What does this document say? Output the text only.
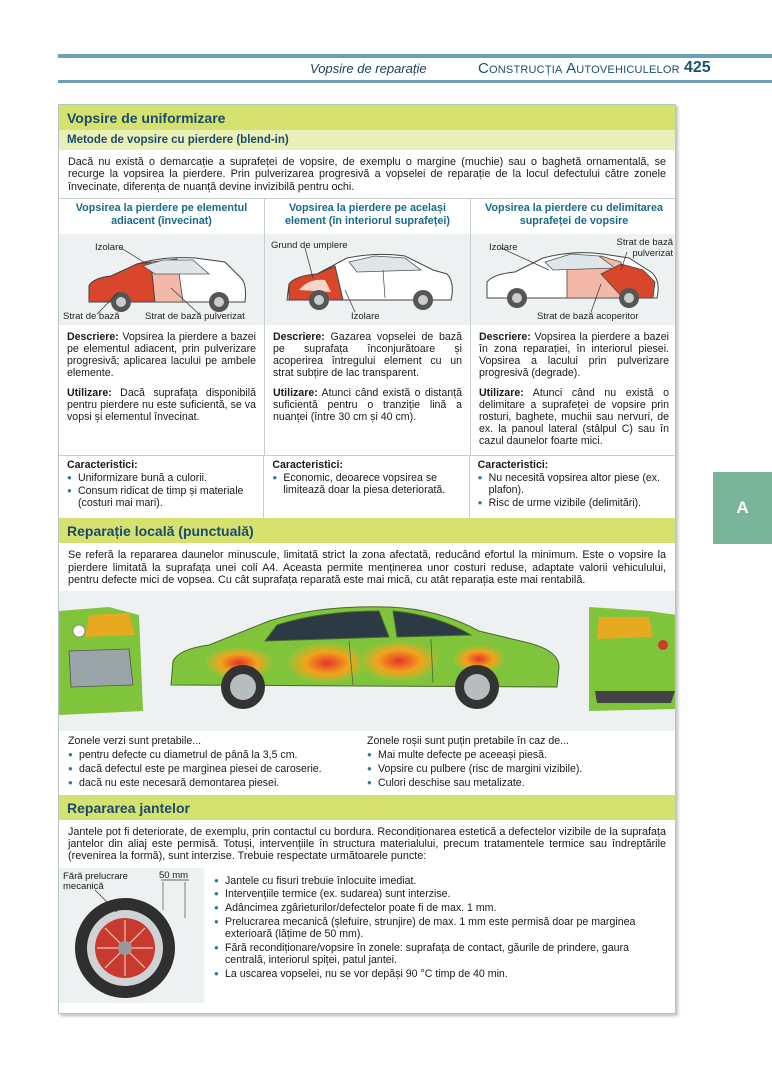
Vopsire de reparație	Construcția Autovehiculelor 425
A
Vopsire de uniformizare
Metode de vopsire cu pierdere (blend-in)
Dacă nu există o demarcație a suprafeței de vopsire, de exemplu o margine (muchie) sau o baghetă ornamentală, se recurge la vopsirea la pierdere. Prin pulverizarea progresivă a vopselei de reparație de la locul defectului către zonele învecinate, diferența de nuanță devine invizibilă pentru ochi.
Vopsirea la pierdere pe elementul adiacent (învecinat)
Izolare
Strat de bază	Strat de bază pulverizat

Descriere: Vopsirea la pierdere a bazei pe elementul adiacent, prin pulverizare progresivă; aplicarea lacului pe ambele elemente.

Utilizare: Dacă suprafața disponibilă pentru pierdere nu este suficientă, se va vopsi și elementul învecinat.

Vopsirea la pierdere pe același element (în interiorul suprafeței)
Grund de umplere
Izolare

Descriere: Gazarea vopselei de bază pe suprafața înconjurătoare și acoperirea întregului element cu un strat subțire de lac transparent.

Utilizare: Atunci când există o distanță suficientă pentru o tranziție lină a nuanței (între 30 cm și 40 cm).

Vopsirea la pierdere cu delimitarea suprafeței de vopsire
Izolare	Strat de bază pulverizat
Strat de bază acoperitor

Descriere: Vopsirea la pierdere a bazei în zona reparației, în interiorul piesei. Vopsirea a lacului prin pulverizare progresivă (degrade).

Utilizare: Atunci când nu există o delimitare a suprafeței de vopsire prin rosturi, baghete, muchii sau nervuri, de ex. la panoul lateral (stâlpul C) sau în cazul daunelor foarte mici.

Caracteristici:
● Uniformizare bună a culorii.
● Consum ridicat de timp și materiale (costuri mai mari).
Caracteristici:
● Economic, deoarece vopsirea se limitează doar la piesa deteriorată.
Caracteristici:
● Nu necesită vopsirea altor piese (ex. plafon).
● Risc de urme vizibile (delimitări).
Reparație locală (punctuală)
Se referă la repararea daunelor minuscule, limitată strict la zona afectată, reducând efortul la minimum. Este o vopsire la pierdere limitată la suprafața unei coli A4. Aceasta permite menținerea unor costuri reduse, adaptate valorii vehiculului, pentru defecte mici de vopsea. Cu cât suprafața reparată este mai mică, cu atât reparația este mai rentabilă.
Zonele verzi sunt pretabile...
● pentru defecte cu diametrul de până la 3,5 cm.
● dacă defectul este pe marginea piesei de caroserie.
● dacă nu este necesară demontarea piesei.
Zonele roșii sunt puțin pretabile în caz de...
● Mai multe defecte pe aceeași piesă.
● Vopsire cu pulbere (risc de margini vizibile).
● Culori deschise sau metalizate.
Repararea jantelor
Jantele pot fi deteriorate, de exemplu, prin contactul cu bordura. Recondiționarea estetică a defectelor vizibile de la suprafața jantelor din aliaj este permisă. Totuși, intervențiile în structura materialului, precum tratamentele termice sau îndreptările (revenirea la formă), sunt interzise. Trebuie respectate următoarele puncte:
Fără prelucrare mecanică
50 mm
●	Jantele cu fisuri trebuie înlocuite imediat.
● Intervențiile termice (ex. sudarea) sunt interzise.
● Adâncimea zgârieturilor/defectelor poate fi de max. 1 mm.
● Prelucrarea mecanică (șlefuire, strunjire) de max. 1 mm este permisă doar pe marginea exterioară (lățime de 50 mm).
● Fără recondiționare/vopsire în zonele: suprafața de contact, găurile de prindere, gaura centrală, interiorul spiței, patul jantei.
● La uscarea vopselei, nu se vor depăși 90 °C timp de 40 min.
